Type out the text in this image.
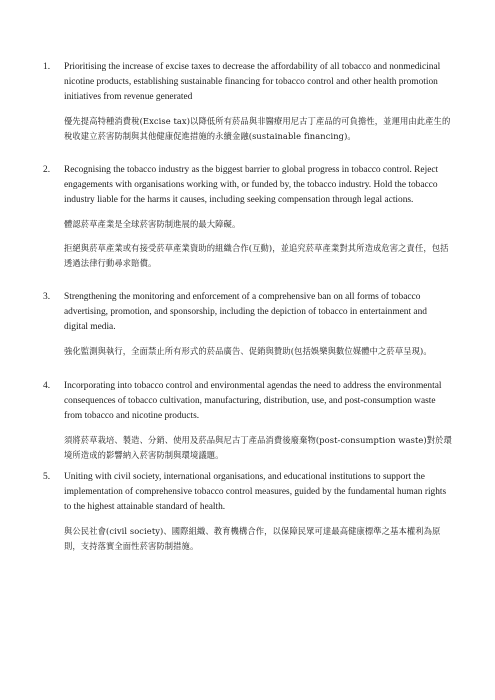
1. Prioritising the increase of excise taxes to decrease the affordability of all tobacco and nonmedicinal nicotine products, establishing sustainable financing for tobacco control and other health promotion initiatives from revenue generated
優先提高特種消費稅(Excise tax)以降低所有菸品與非醫療用尼古丁產品的可負擔性，並運用由此產生的稅收建立菸害防制與其他健康促進措施的永續金融(sustainable financing)。
2. Recognising the tobacco industry as the biggest barrier to global progress in tobacco control. Reject engagements with organisations working with, or funded by, the tobacco industry. Hold the tobacco industry liable for the harms it causes, including seeking compensation through legal actions.
體認菸草產業是全球菸害防制進展的最大障礙。
拒絕與菸草產業或有接受菸草產業資助的組織合作(互動)，並追究菸草產業對其所造成危害之責任，包括透過法律行動尋求賠償。
3. Strengthening the monitoring and enforcement of a comprehensive ban on all forms of tobacco advertising, promotion, and sponsorship, including the depiction of tobacco in entertainment and digital media.
強化監測與執行，全面禁止所有形式的菸品廣告、促銷與贊助(包括娛樂與數位媒體中之菸草呈現)。
4. Incorporating into tobacco control and environmental agendas the need to address the environmental consequences of tobacco cultivation, manufacturing, distribution, use, and post-consumption waste from tobacco and nicotine products.
須將菸草栽培、製造、分銷、使用及菸品與尼古丁產品消費後廢棄物(post-consumption waste)對於環境所造成的影響納入菸害防制與環境議題。
5. Uniting with civil society, international organisations, and educational institutions to support the implementation of comprehensive tobacco control measures, guided by the fundamental human rights to the highest attainable standard of health.
與公民社會(civil society)、國際組織、教育機構合作，以保障民眾可達最高健康標準之基本權利為原則，支持落實全面性菸害防制措施。
